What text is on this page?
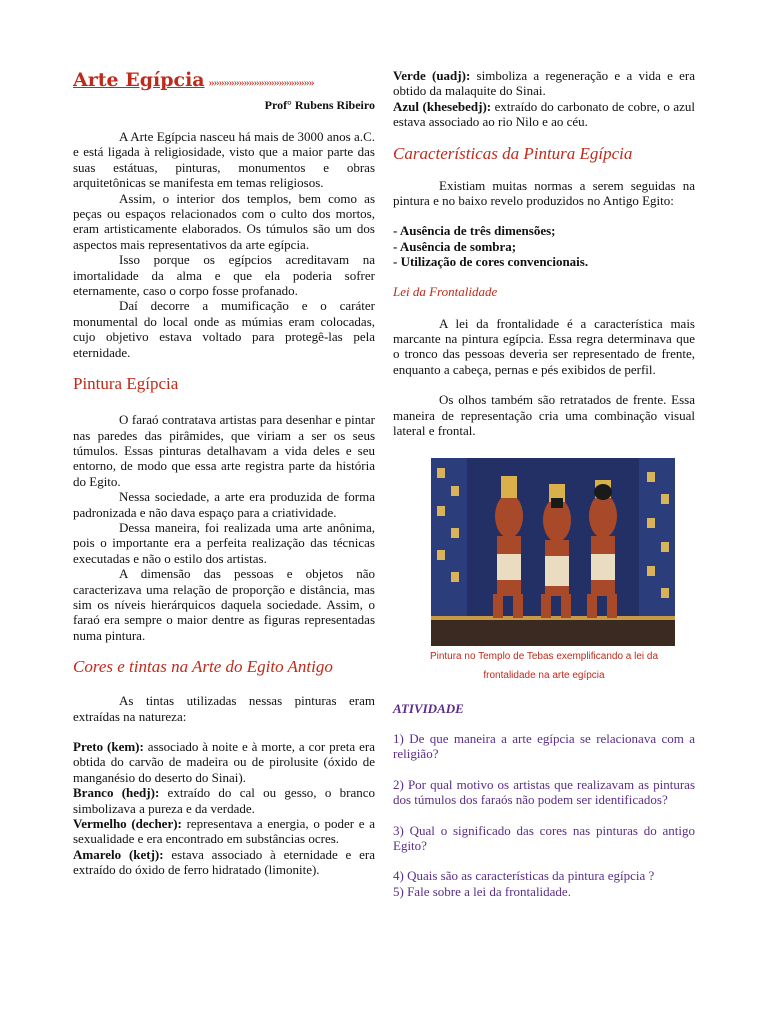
Arte Egípcia »»»»»»»»»»»»»»»»»»»»»
Prof° Rubens Ribeiro

A Arte Egípcia nasceu há mais de 3000 anos a.C. e está ligada à religiosidade, visto que a maior parte das suas estátuas, pinturas, monumentos e obras arquitetônicas se manifesta em temas religiosos.

Assim, o interior dos templos, bem como as peças ou espaços relacionados com o culto dos mortos, eram artisticamente elaborados. Os túmulos são um dos aspectos mais representativos da arte egípcia.

Isso porque os egípcios acreditavam na imortalidade da alma e que ela poderia sofrer eternamente, caso o corpo fosse profanado.

Daí decorre a mumificação e o caráter monumental do local onde as múmias eram colocadas, cujo objetivo estava voltado para protegê-las pela eternidade.

Pintura Egípcia

O faraó contratava artistas para desenhar e pintar nas paredes das pirâmides, que viriam a ser os seus túmulos. Essas pinturas detalhavam a vida deles e seu entorno, de modo que essa arte registra parte da história do Egito.

Nessa sociedade, a arte era produzida de forma padronizada e não dava espaço para a criatividade.

Dessa maneira, foi realizada uma arte anônima, pois o importante era a perfeita realização das técnicas executadas e não o estilo dos artistas.

A dimensão das pessoas e objetos não caracterizava uma relação de proporção e distância, mas sim os níveis hierárquicos daquela sociedade. Assim, o faraó era sempre o maior dentre as figuras representadas numa pintura.

Cores e tintas na Arte do Egito Antigo

As tintas utilizadas nessas pinturas eram extraídas na natureza:

Preto (kem): associado à noite e à morte, a cor preta era obtida do carvão de madeira ou de pirolusite (óxido de manganésio do deserto do Sinai).

Branco (hedj): extraído do cal ou gesso, o branco simbolizava a pureza e da verdade.

Vermelho (decher): representava a energia, o poder e a sexualidade e era encontrado em substâncias ocres.

Amarelo (ketj): estava associado à eternidade e era extraído do óxido de ferro hidratado (limonite).

Verde (uadj): simboliza a regeneração e a vida e era obtido da malaquite do Sinai.

Azul (khesebedj): extraído do carbonato de cobre, o azul estava associado ao rio Nilo e ao céu.

Características da Pintura Egípcia

Existiam muitas normas a serem seguidas na pintura e no baixo revelo produzidos no Antigo Egito:

- Ausência de três dimensões;

- Ausência de sombra;

- Utilização de cores convencionais.

Lei da Frontalidade

A lei da frontalidade é a característica mais marcante na pintura egípcia. Essa regra determinava que o tronco das pessoas deveria ser representado de frente, enquanto a cabeça, pernas e pés exibidos de perfil.

Os olhos também são retratados de frente. Essa maneira de representação cria uma combinação visual lateral e frontal.

Pintura no Templo de Tebas exemplificando a lei da
frontalidade na arte egípcia

ATIVIDADE

1) De que maneira a arte egípcia se relacionava com a religião?

2) Por qual motivo os artistas que realizavam as pinturas dos túmulos dos faraós não podem ser identificados?

3) Qual o significado das cores nas pinturas do antigo Egito?

4) Quais são as características da pintura egípcia ?

5) Fale sobre a lei da frontalidade.
